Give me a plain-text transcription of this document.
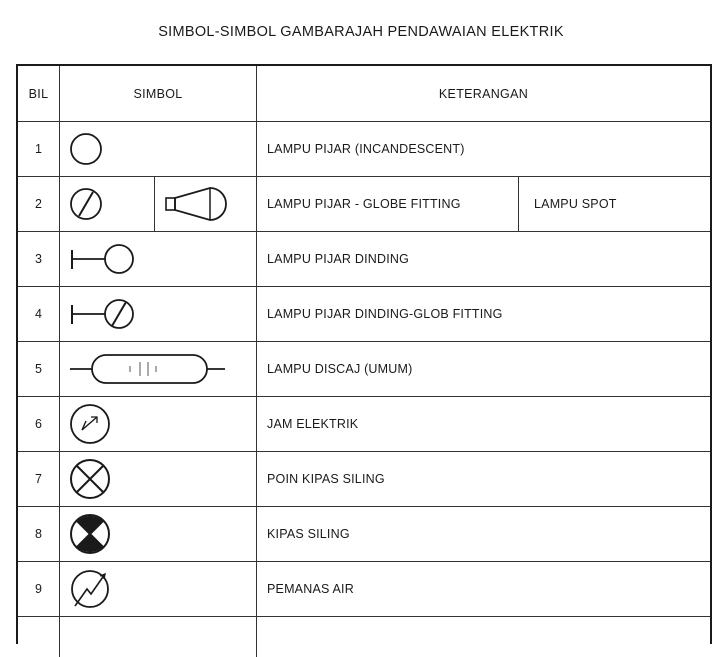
SIMBOL-SIMBOL GAMBARAJAH PENDAWAIAN ELEKTRIK
BIL	SIMBOL	KETERANGAN
1	LAMPU PIJAR (INCANDESCENT)
2	LAMPU PIJAR - GLOBE FITTING	LAMPU SPOT
3	LAMPU PIJAR DINDING
4	LAMPU PIJAR DINDING-GLOB FITTING
5	LAMPU DISCAJ (UMUM)
6	JAM ELEKTRIK
7	POIN KIPAS SILING
8	KIPAS SILING
9	PEMANAS AIR
